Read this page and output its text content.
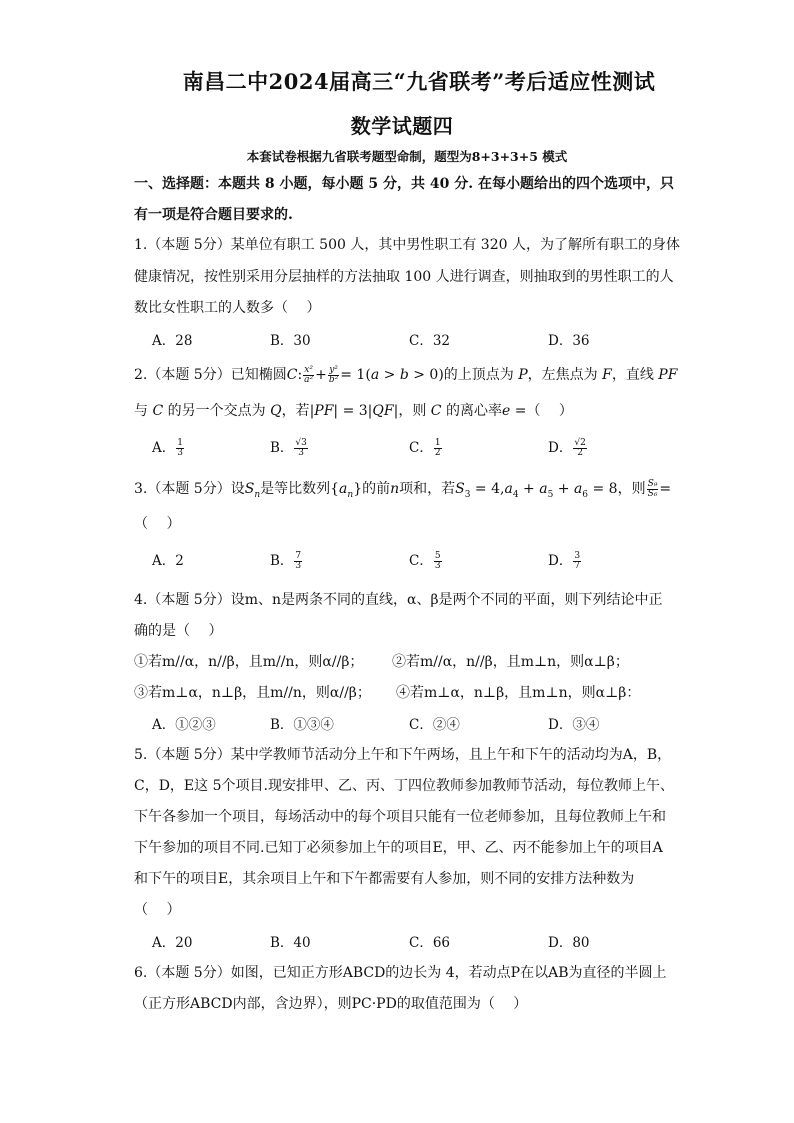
南昌二中2024届高三“九省联考”考后适应性测试
数学试题四
本套试卷根据九省联考题型命制，题型为8+3+3+5 模式
一、选择题：本题共 8 小题，每小题 5 分，共 40 分. 在每小题给出的四个选项中，只
有一项是符合题目要求的.
1.（本题 5分）某单位有职工 500 人，其中男性职工有 320 人，为了解所有职工的身体
健康情况，按性别采用分层抽样的方法抽取 100 人进行调查，则抽取到的男性职工的人
数比女性职工的人数多（　 ）
A．28	B．30	C．32	D．36
2.（本题 5分）已知椭圆C: $\frac{\text{x²}}{\text{a²}} + \frac{\text{y²}}{\text{b²}} = 1(a > b > 0)$的上顶点为 P，左焦点为 F，直线 PF
与 C 的另一个交点为 Q，若|PF| = 3|QF|，则 C 的离心率e =（　 ）
A． $\frac{1}{3}$	B． $\frac{√3}{3}$	C． $\frac{1}{2}$	D． $\frac{√2}{2}$
3.（本题 5分）设$S_n$是等比数列$\{a_n\}$的前n项和，若$S_3 = 4,a_4 + a_5 + a_6 = 8$，则 $\frac{\text{S₉}}{\text{S₆}}$ =
（　 ）
A．2	B． $\frac{7}{3}$	C． $\frac{5}{3}$	D． $\frac{3}{7}$
4.（本题 5分）设m、n是两条不同的直线，α、β是两个不同的平面，则下列结论中正
确的是（　 ）
①若m//α，n//β，且m//n，则α//β； ②若m//α，n//β，且m⊥n，则α⊥β；
③若m⊥α，n⊥β，且m//n，则α//β； ④若m⊥α，n⊥β，且m⊥n，则α⊥β：
A．①②③	B．①③④	C．②④	D．③④
5.（本题 5分）某中学教师节活动分上午和下午两场，且上午和下午的活动均为A，B，
C，D，E这 5个项目.现安排甲、乙、丙、丁四位教师参加教师节活动，每位教师上午、
下午各参加一个项目，每场活动中的每个项目只能有一位老师参加，且每位教师上午和
下午参加的项目不同.已知丁必须参加上午的项目E，甲、乙、丙不能参加上午的项目A
和下午的项目E，其余项目上午和下午都需要有人参加，则不同的安排方法种数为
（　 ）
A．20	B．40	C．66	D．80
6.（本题 5分）如图，已知正方形ABCD的边长为 4，若动点P在以AB为直径的半圆上
（正方形ABCD内部，含边界），则PC·PD的取值范围为（　 ）
